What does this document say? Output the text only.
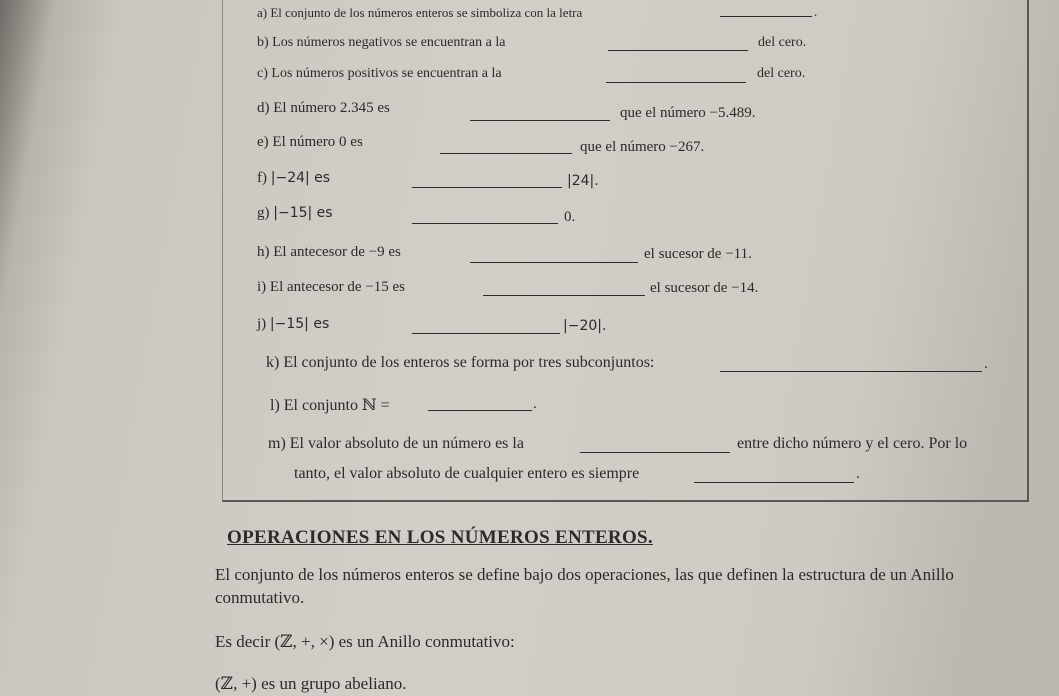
a) El conjunto de los números enteros se simboliza con la letra	.
b) Los números negativos se encuentran a la	del cero.
c) Los números positivos se encuentran a la	del cero.
d) El número 2.345 es	que el número −5.489.
e) El número 0 es	que el número −267.
f) |−24| es	|24|.
g) |−15| es	0.
h) El antecesor de −9 es	el sucesor de −11.
i) El antecesor de −15 es	el sucesor de −14.
j) |−15| es	|−20|.
k) El conjunto de los enteros se forma por tres subconjuntos:	.
l) El conjunto ℕ =	.
m) El valor absoluto de un número es la	entre dicho número y el cero. Por lo
tanto, el valor absoluto de cualquier entero es siempre	.
OPERACIONES EN LOS NÚMEROS ENTEROS.
El conjunto de los números enteros se define bajo dos operaciones, las que definen la estructura de un Anillo
conmutativo.
Es decir (ℤ, +, ×) es un Anillo conmutativo:
(ℤ, +) es un grupo abeliano.
